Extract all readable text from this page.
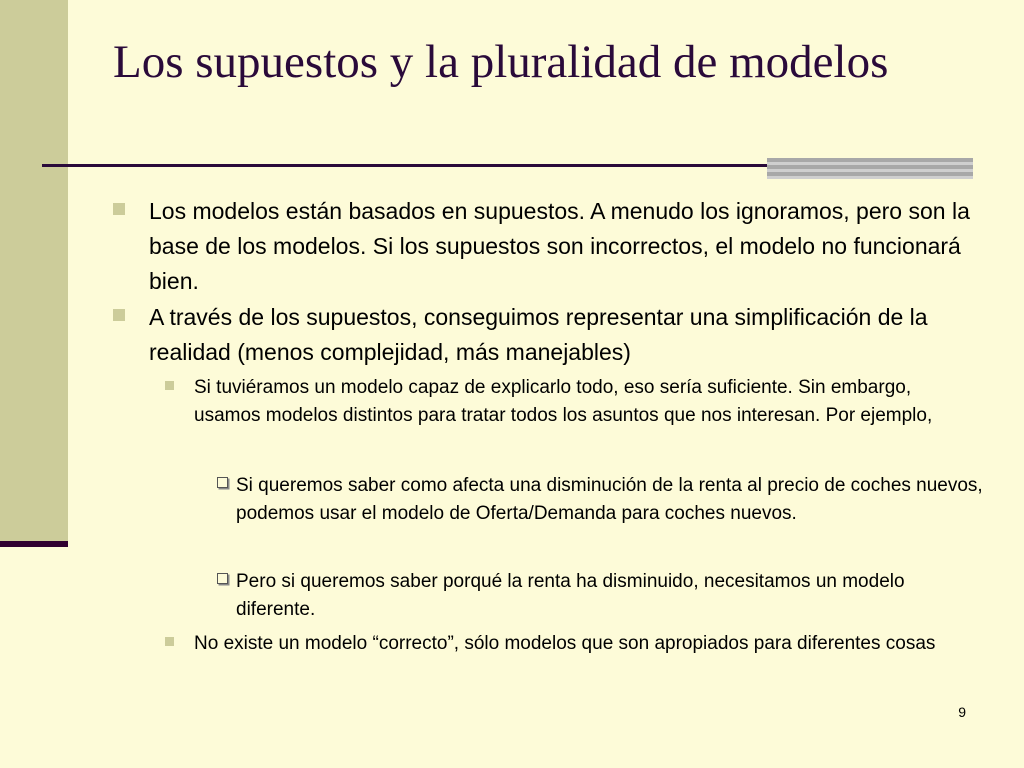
Los supuestos y la pluralidad de modelos
Los modelos están basados en supuestos. A menudo los ignoramos, pero son la base de los modelos. Si los supuestos son incorrectos, el modelo no funcionará bien.
A través de los supuestos, conseguimos representar una simplificación de la realidad (menos complejidad, más manejables)
Si tuviéramos un modelo capaz de explicarlo todo, eso sería suficiente. Sin embargo, usamos modelos distintos para tratar todos los asuntos que nos interesan. Por ejemplo,
Si queremos saber como afecta una disminución de la renta al precio de coches nuevos, podemos usar el modelo de Oferta/Demanda para coches nuevos.
Pero si queremos saber porqué la renta ha disminuido, necesitamos un modelo diferente.
No existe un modelo “correcto”, sólo modelos que son apropiados para diferentes cosas
9
